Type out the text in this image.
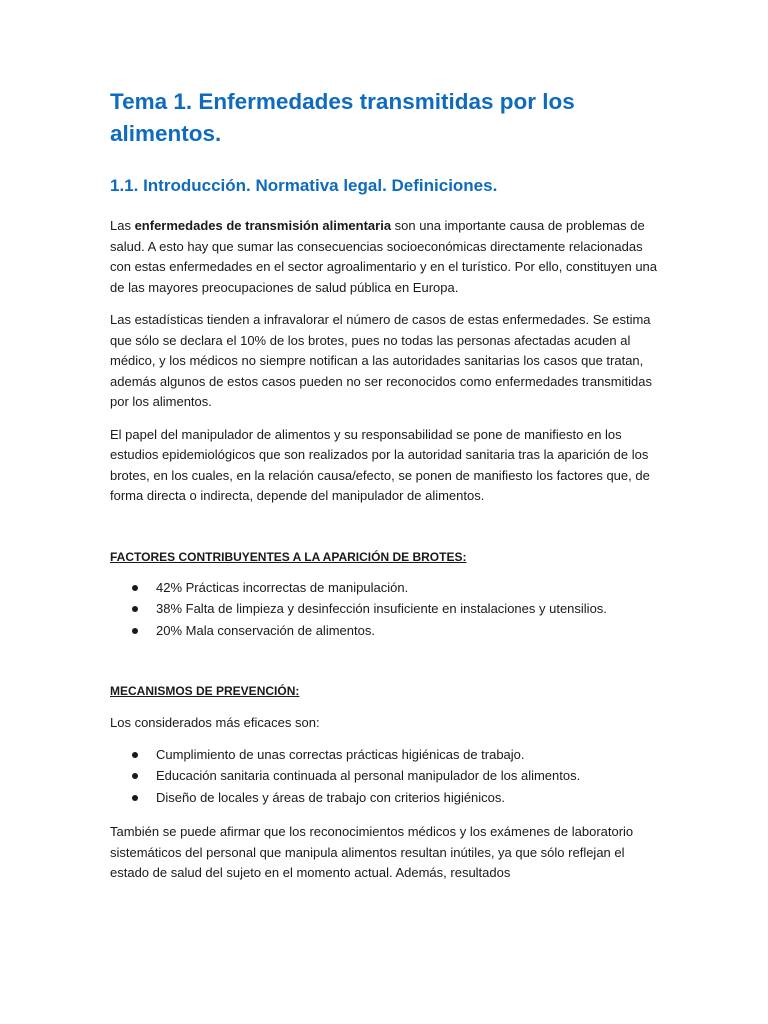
Tema 1. Enfermedades transmitidas por los alimentos.
1.1. Introducción. Normativa legal. Definiciones.

Las enfermedades de transmisión alimentaria son una importante causa de problemas de salud. A esto hay que sumar las consecuencias socioeconómicas directamente relacionadas con estas enfermedades en el sector agroalimentario y en el turístico. Por ello, constituyen una de las mayores preocupaciones de salud pública en Europa.

Las estadísticas tienden a infravalorar el número de casos de estas enfermedades. Se estima que sólo se declara el 10% de los brotes, pues no todas las personas afectadas acuden al médico, y los médicos no siempre notifican a las autoridades sanitarias los casos que tratan, además algunos de estos casos pueden no ser reconocidos como enfermedades transmitidas por los alimentos.

El papel del manipulador de alimentos y su responsabilidad se pone de manifiesto en los estudios epidemiológicos que son realizados por la autoridad sanitaria tras la aparición de los brotes, en los cuales, en la relación causa/efecto, se ponen de manifiesto los factores que, de forma directa o indirecta, depende del manipulador de alimentos.

FACTORES CONTRIBUYENTES A LA APARICIÓN DE BROTES:

42% Prácticas incorrectas de manipulación.
38% Falta de limpieza y desinfección insuficiente en instalaciones y utensilios.
20% Mala conservación de alimentos.

MECANISMOS DE PREVENCIÓN:

Los considerados más eficaces son:

Cumplimiento de unas correctas prácticas higiénicas de trabajo.
Educación sanitaria continuada al personal manipulador de los alimentos.
Diseño de locales y áreas de trabajo con criterios higiénicos.

También se puede afirmar que los reconocimientos médicos y los exámenes de laboratorio sistemáticos del personal que manipula alimentos resultan inútiles, ya que sólo reflejan el estado de salud del sujeto en el momento actual. Además, resultados
